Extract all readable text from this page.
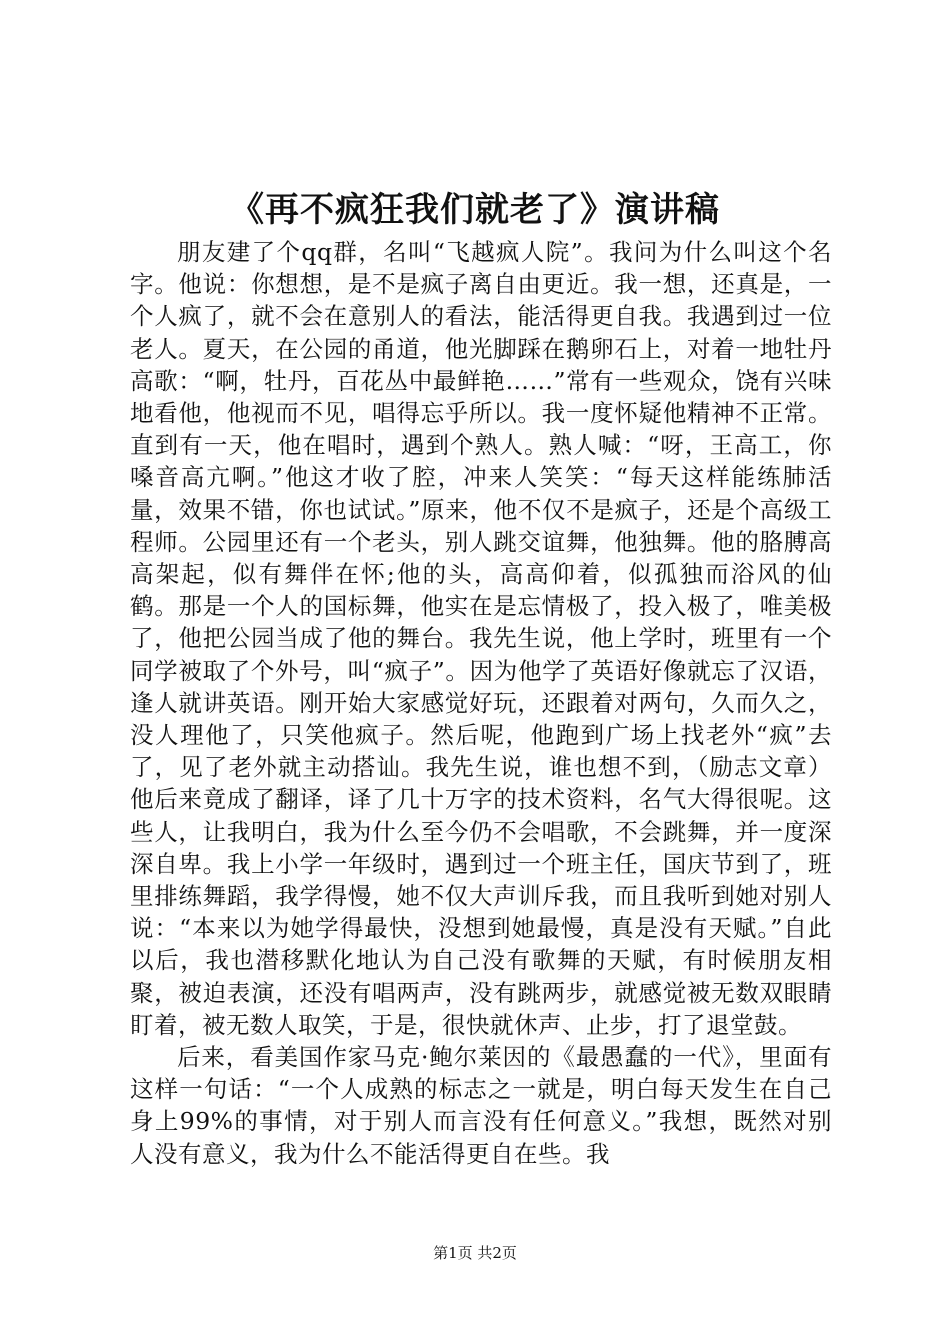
《再不疯狂我们就老了》演讲稿

朋友建了个qq群，名叫“飞越疯人院”。我问为什么叫这个名字。他说：你想想，是不是疯子离自由更近。我一想，还真是，一个人疯了，就不会在意别人的看法，能活得更自我。我遇到过一位老人。夏天，在公园的甬道，他光脚踩在鹅卵石上，对着一地牡丹高歌：“啊，牡丹，百花丛中最鲜艳……”常有一些观众，饶有兴味地看他，他视而不见，唱得忘乎所以。我一度怀疑他精神不正常。直到有一天，他在唱时，遇到个熟人。熟人喊：“呀，王高工，你嗓音高亢啊。”他这才收了腔，冲来人笑笑：“每天这样能练肺活量，效果不错，你也试试。”原来，他不仅不是疯子，还是个高级工程师。公园里还有一个老头，别人跳交谊舞，他独舞。他的胳膊高高架起，似有舞伴在怀;他的头，高高仰着，似孤独而浴风的仙鹤。那是一个人的国标舞，他实在是忘情极了，投入极了，唯美极了，他把公园当成了他的舞台。我先生说，他上学时，班里有一个同学被取了个外号，叫“疯子”。因为他学了英语好像就忘了汉语，逢人就讲英语。刚开始大家感觉好玩，还跟着对两句，久而久之，没人理他了，只笑他疯子。然后呢，他跑到广场上找老外“疯”去了，见了老外就主动搭讪。我先生说，谁也想不到，（励志文章）他后来竟成了翻译，译了几十万字的技术资料，名气大得很呢。这些人，让我明白，我为什么至今仍不会唱歌，不会跳舞，并一度深深自卑。我上小学一年级时，遇到过一个班主任，国庆节到了，班里排练舞蹈，我学得慢，她不仅大声训斥我，而且我听到她对别人说：“本来以为她学得最快，没想到她最慢，真是没有天赋。”自此以后，我也潜移默化地认为自己没有歌舞的天赋，有时候朋友相聚，被迫表演，还没有唱两声，没有跳两步，就感觉被无数双眼睛盯着，被无数人取笑，于是，很快就休声、止步，打了退堂鼓。

后来，看美国作家马克·鲍尔莱因的《最愚蠢的一代》，里面有这样一句话：“一个人成熟的标志之一就是，明白每天发生在自己身上99%的事情，对于别人而言没有任何意义。”我想，既然对别人没有意义，我为什么不能活得更自在些。我

第1页 共2页
